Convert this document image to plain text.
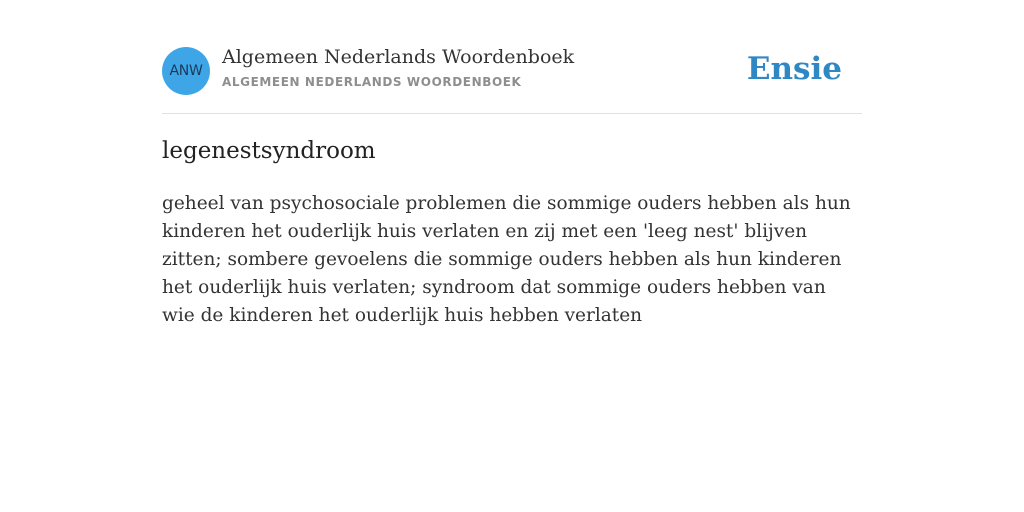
ANW
Algemeen Nederlands Woordenboek
ALGEMEEN NEDERLANDS WOORDENBOEK	Ensie
legenestsyndroom

geheel van psychosociale problemen die sommige ouders hebben als hun kinderen het ouderlijk huis verlaten en zij met een 'leeg nest' blijven zitten; sombere gevoelens die sommige ouders hebben als hun kinderen het ouderlijk huis verlaten; syndroom dat sommige ouders hebben van wie de kinderen het ouderlijk huis hebben verlaten
